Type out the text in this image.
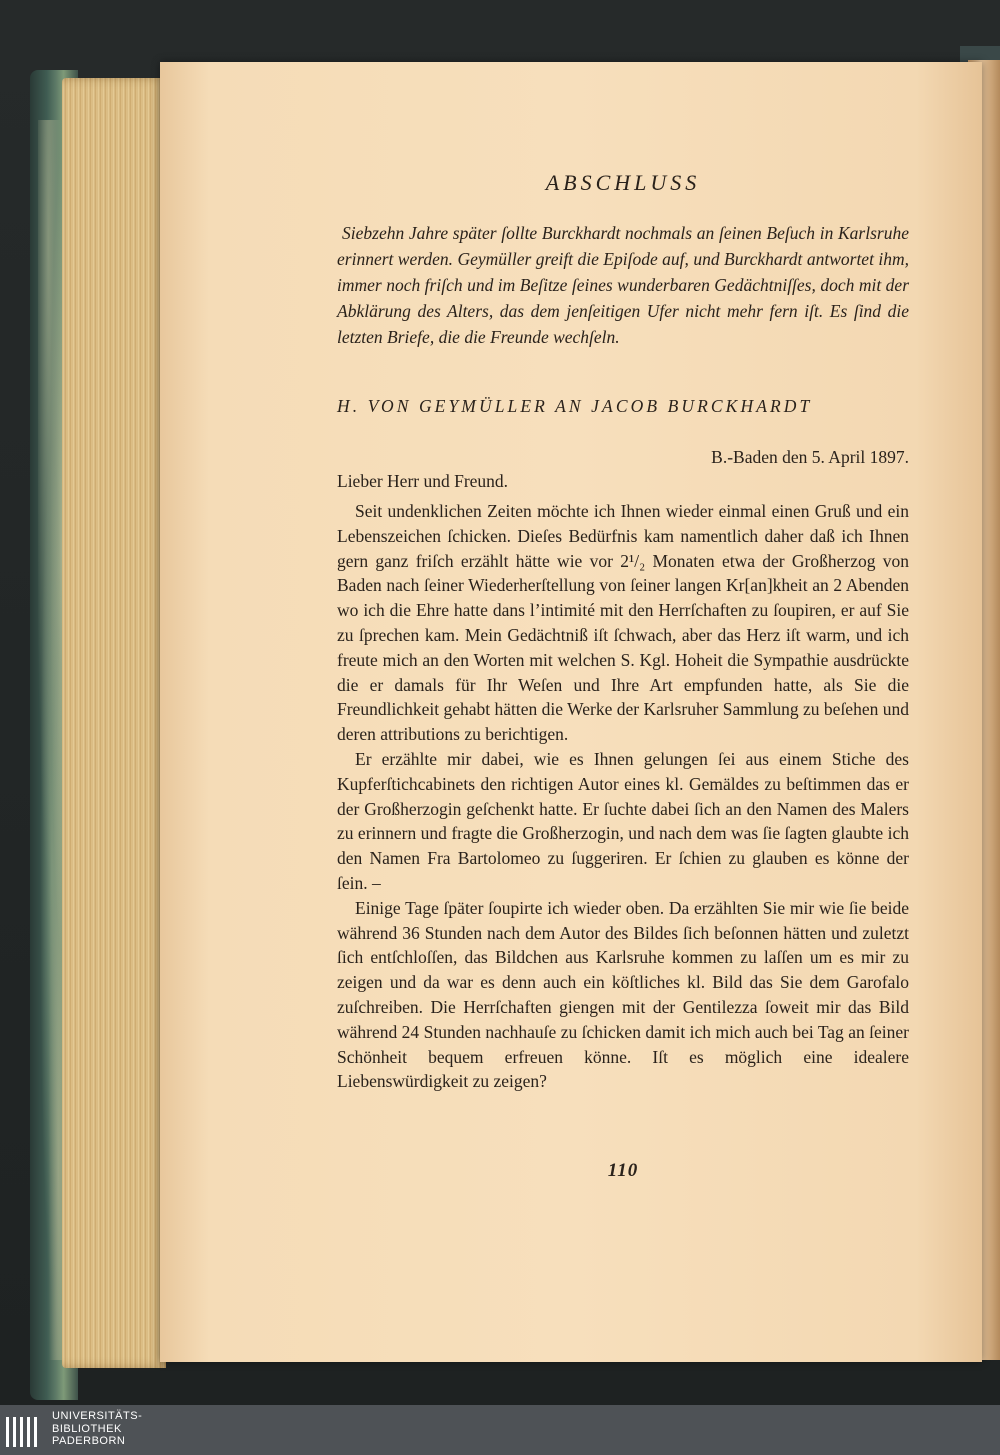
ABSCHLUSS

Siebzehn Jahre später ſollte Burckhardt nochmals an ſeinen Beſuch in Karlsruhe erinnert werden. Geymüller greift die Epiſode auf, und Burckhardt antwortet ihm, immer noch friſch und im Beſitze ſeines wunderbaren Gedächtniſſes, doch mit der Abklärung des Alters, das dem jenſeitigen Ufer nicht mehr fern iſt. Es ſind die letzten Briefe, die die Freunde wechſeln.

H. VON GEYMÜLLER AN JACOB BURCKHARDT

B.-Baden den 5. April 1897.

Lieber Herr und Freund.

Seit undenklichen Zeiten möchte ich Ihnen wieder einmal einen Gruß und ein Lebenszeichen ſchicken. Dieſes Bedürfnis kam namentlich daher daß ich Ihnen gern ganz friſch erzählt hätte wie vor 2¹/₂ Monaten etwa der Großherzog von Baden nach ſeiner Wiederherſtellung von ſeiner langen Kr[an]kheit an 2 Abenden wo ich die Ehre hatte dans l’intimité mit den Herrſchaften zu ſoupiren, er auf Sie zu ſprechen kam. Mein Gedächtniß iſt ſchwach, aber das Herz iſt warm, und ich freute mich an den Worten mit welchen S. Kgl. Hoheit die Sympathie ausdrückte die er damals für Ihr Weſen und Ihre Art empfunden hatte, als Sie die Freundlichkeit gehabt hätten die Werke der Karlsruher Sammlung zu beſehen und deren attributions zu berichtigen.

Er erzählte mir dabei, wie es Ihnen gelungen ſei aus einem Stiche des Kupferſtichcabinets den richtigen Autor eines kl. Gemäldes zu beſtimmen das er der Großherzogin geſchenkt hatte. Er ſuchte dabei ſich an den Namen des Malers zu erinnern und fragte die Großherzogin, und nach dem was ſie ſagten glaubte ich den Namen Fra Bartolomeo zu ſuggeriren. Er ſchien zu glauben es könne der ſein. –

Einige Tage ſpäter ſoupirte ich wieder oben. Da erzählten Sie mir wie ſie beide während 36 Stunden nach dem Autor des Bildes ſich beſonnen hätten und zuletzt ſich entſchloſſen, das Bildchen aus Karlsruhe kommen zu laſſen um es mir zu zeigen und da war es denn auch ein köſtliches kl. Bild das Sie dem Garofalo zuſchreiben. Die Herrſchaften giengen mit der Gentilezza ſoweit mir das Bild während 24 Stunden nachhauſe zu ſchicken damit ich mich auch bei Tag an ſeiner Schönheit bequem erfreuen könne. Iſt es möglich eine idealere Liebenswürdigkeit zu zeigen?

110
UNIVERSITÄTS-
BIBLIOTHEK
PADERBORN
